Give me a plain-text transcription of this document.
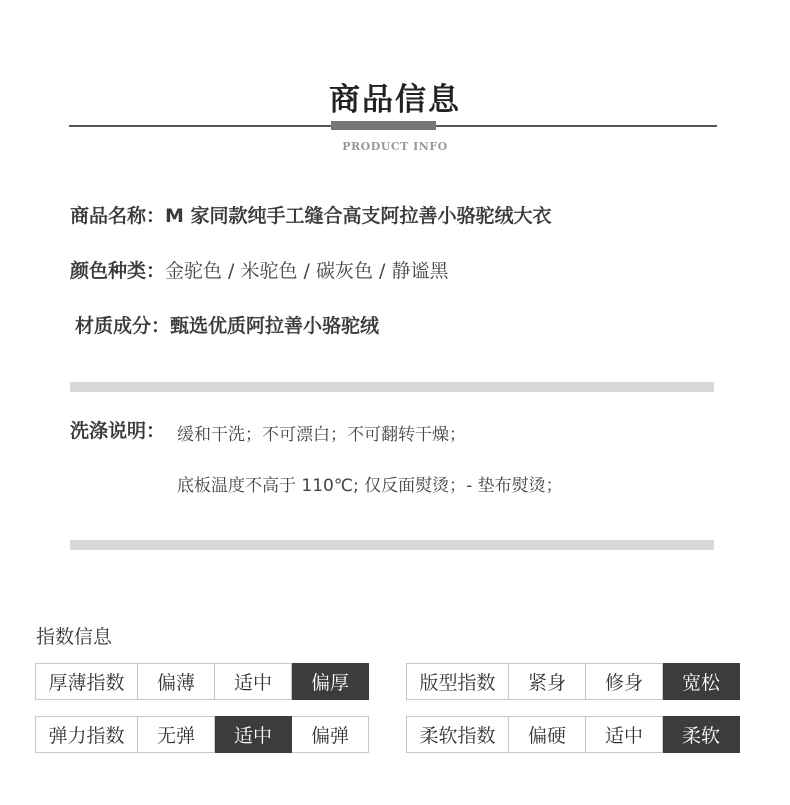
商品信息
PRODUCT INFO
商品名称：M 家同款纯手工缝合高支阿拉善小骆驼绒大衣
颜色种类：金驼色 / 米驼色 / 碳灰色 / 静谧黑
材质成分：甄选优质阿拉善小骆驼绒
洗涤说明： 缓和干洗；不可漂白；不可翻转干燥；
底板温度不高于 110℃; 仅反面熨烫；- 垫布熨烫；
指数信息
厚薄指数	偏薄	适中	偏厚
弹力指数	无弹	适中	偏弹
版型指数	紧身	修身	宽松
柔软指数	偏硬	适中	柔软
